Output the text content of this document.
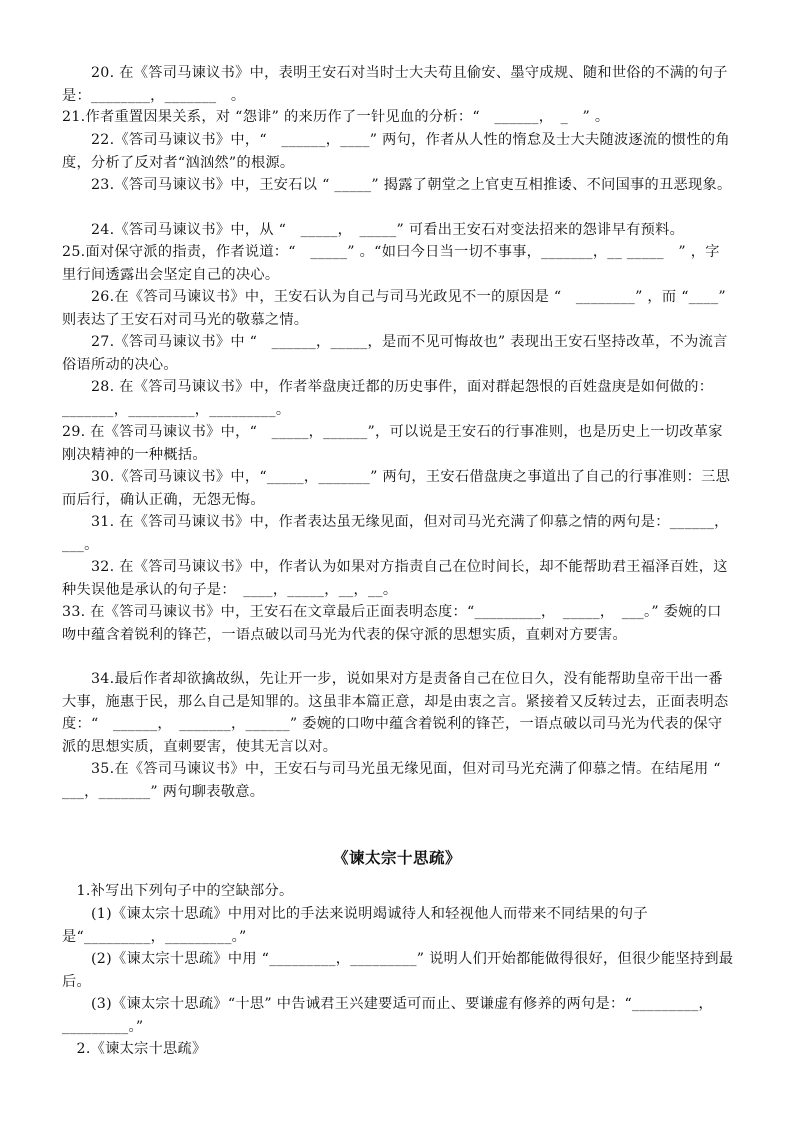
　　20. 在《答司马谏议书》中，表明王安石对当时士大夫苟且偷安、墨守成规、随和世俗的不满的句子是：________，_______　。

21.作者重置因果关系，对 “怨诽” 的来历作了一针见血的分析：“　______，　_　” 。

　　22.《答司马谏议书》中，“　______，____” 两句，作者从人性的惰怠及士大夫随波逐流的惯性的角度，分析了反对者“汹汹然”的根源。

　　23.《答司马谏议书》中，王安石以 “ _____” 揭露了朝堂之上官吏互相推诿、不问国事的丑恶现象。

　　24.《答司马谏议书》中，从 “　_____，　_____” 可看出王安石对变法招来的怨诽早有预料。

25.面对保守派的指责，作者说道：“　_____” 。“如曰今日当一切不事事，_______，__ _____　” ，字里行间透露出会坚定自己的决心。

　　26.在《答司马谏议书》中，王安石认为自己与司马光政见不一的原因是 “　________” ，而 “____” 则表达了王安石对司马光的敬慕之情。

　　27.《答司马谏议书》中 “　______，_____，是而不见可悔故也” 表现出王安石坚持改革，不为流言俗语所动的决心。

　　28. 在《答司马谏议书》中，作者举盘庚迁都的历史事件，面对群起怨恨的百姓盘庚是如何做的：_______，_________，_________。

29. 在《答司马谏议书》中，“　_____，______”，可以说是王安石的行事准则，也是历史上一切改革家刚决精神的一种概括。

　　30.《答司马谏议书》中，“_____，_______” 两句，王安石借盘庚之事道出了自己的行事准则：三思而后行，确认正确，无怨无悔。

　　31. 在《答司马谏议书》中，作者表达虽无缘见面，但对司马光充满了仰慕之情的两句是：______，___。

　　32. 在《答司马谏议书》中，作者认为如果对方指责自己在位时间长，却不能帮助君王福泽百姓，这种失误他是承认的句子是：　____，_____，__，__。

33. 在《答司马谏议书》中，王安石在文章最后正面表明态度：“_________，　_____，　___。” 委婉的口吻中蕴含着锐利的锋芒，一语点破以司马光为代表的保守派的思想实质，直刺对方要害。

　　34.最后作者却欲擒故纵，先让开一步，说如果对方是责备自己在位日久，没有能帮助皇帝干出一番大事，施惠于民，那么自己是知罪的。这虽非本篇正意，却是由衷之言。紧接着又反转过去，正面表明态度：“　______，　_______，______” 委婉的口吻中蕴含着锐利的锋芒，一语点破以司马光为代表的保守派的思想实质，直刺要害，使其无言以对。

　　35.在《答司马谏议书》中，王安石与司马光虽无缘见面，但对司马光充满了仰慕之情。在结尾用 “ ___，_______” 两句聊表敬意。

《谏太宗十思疏》

　1.补写出下列句子中的空缺部分。

　　(1)《谏太宗十思疏》中用对比的手法来说明竭诚待人和轻视他人而带来不同结果的句子是“_________，_________。”

　　(2)《谏太宗十思疏》中用 “_________，_________” 说明人们开始都能做得很好，但很少能坚持到最后。

　　(3)《谏太宗十思疏》“十思” 中告诫君王兴建要适可而止、要谦虚有修养的两句是：“_________，_________。”

　2.《谏太宗十思疏》
